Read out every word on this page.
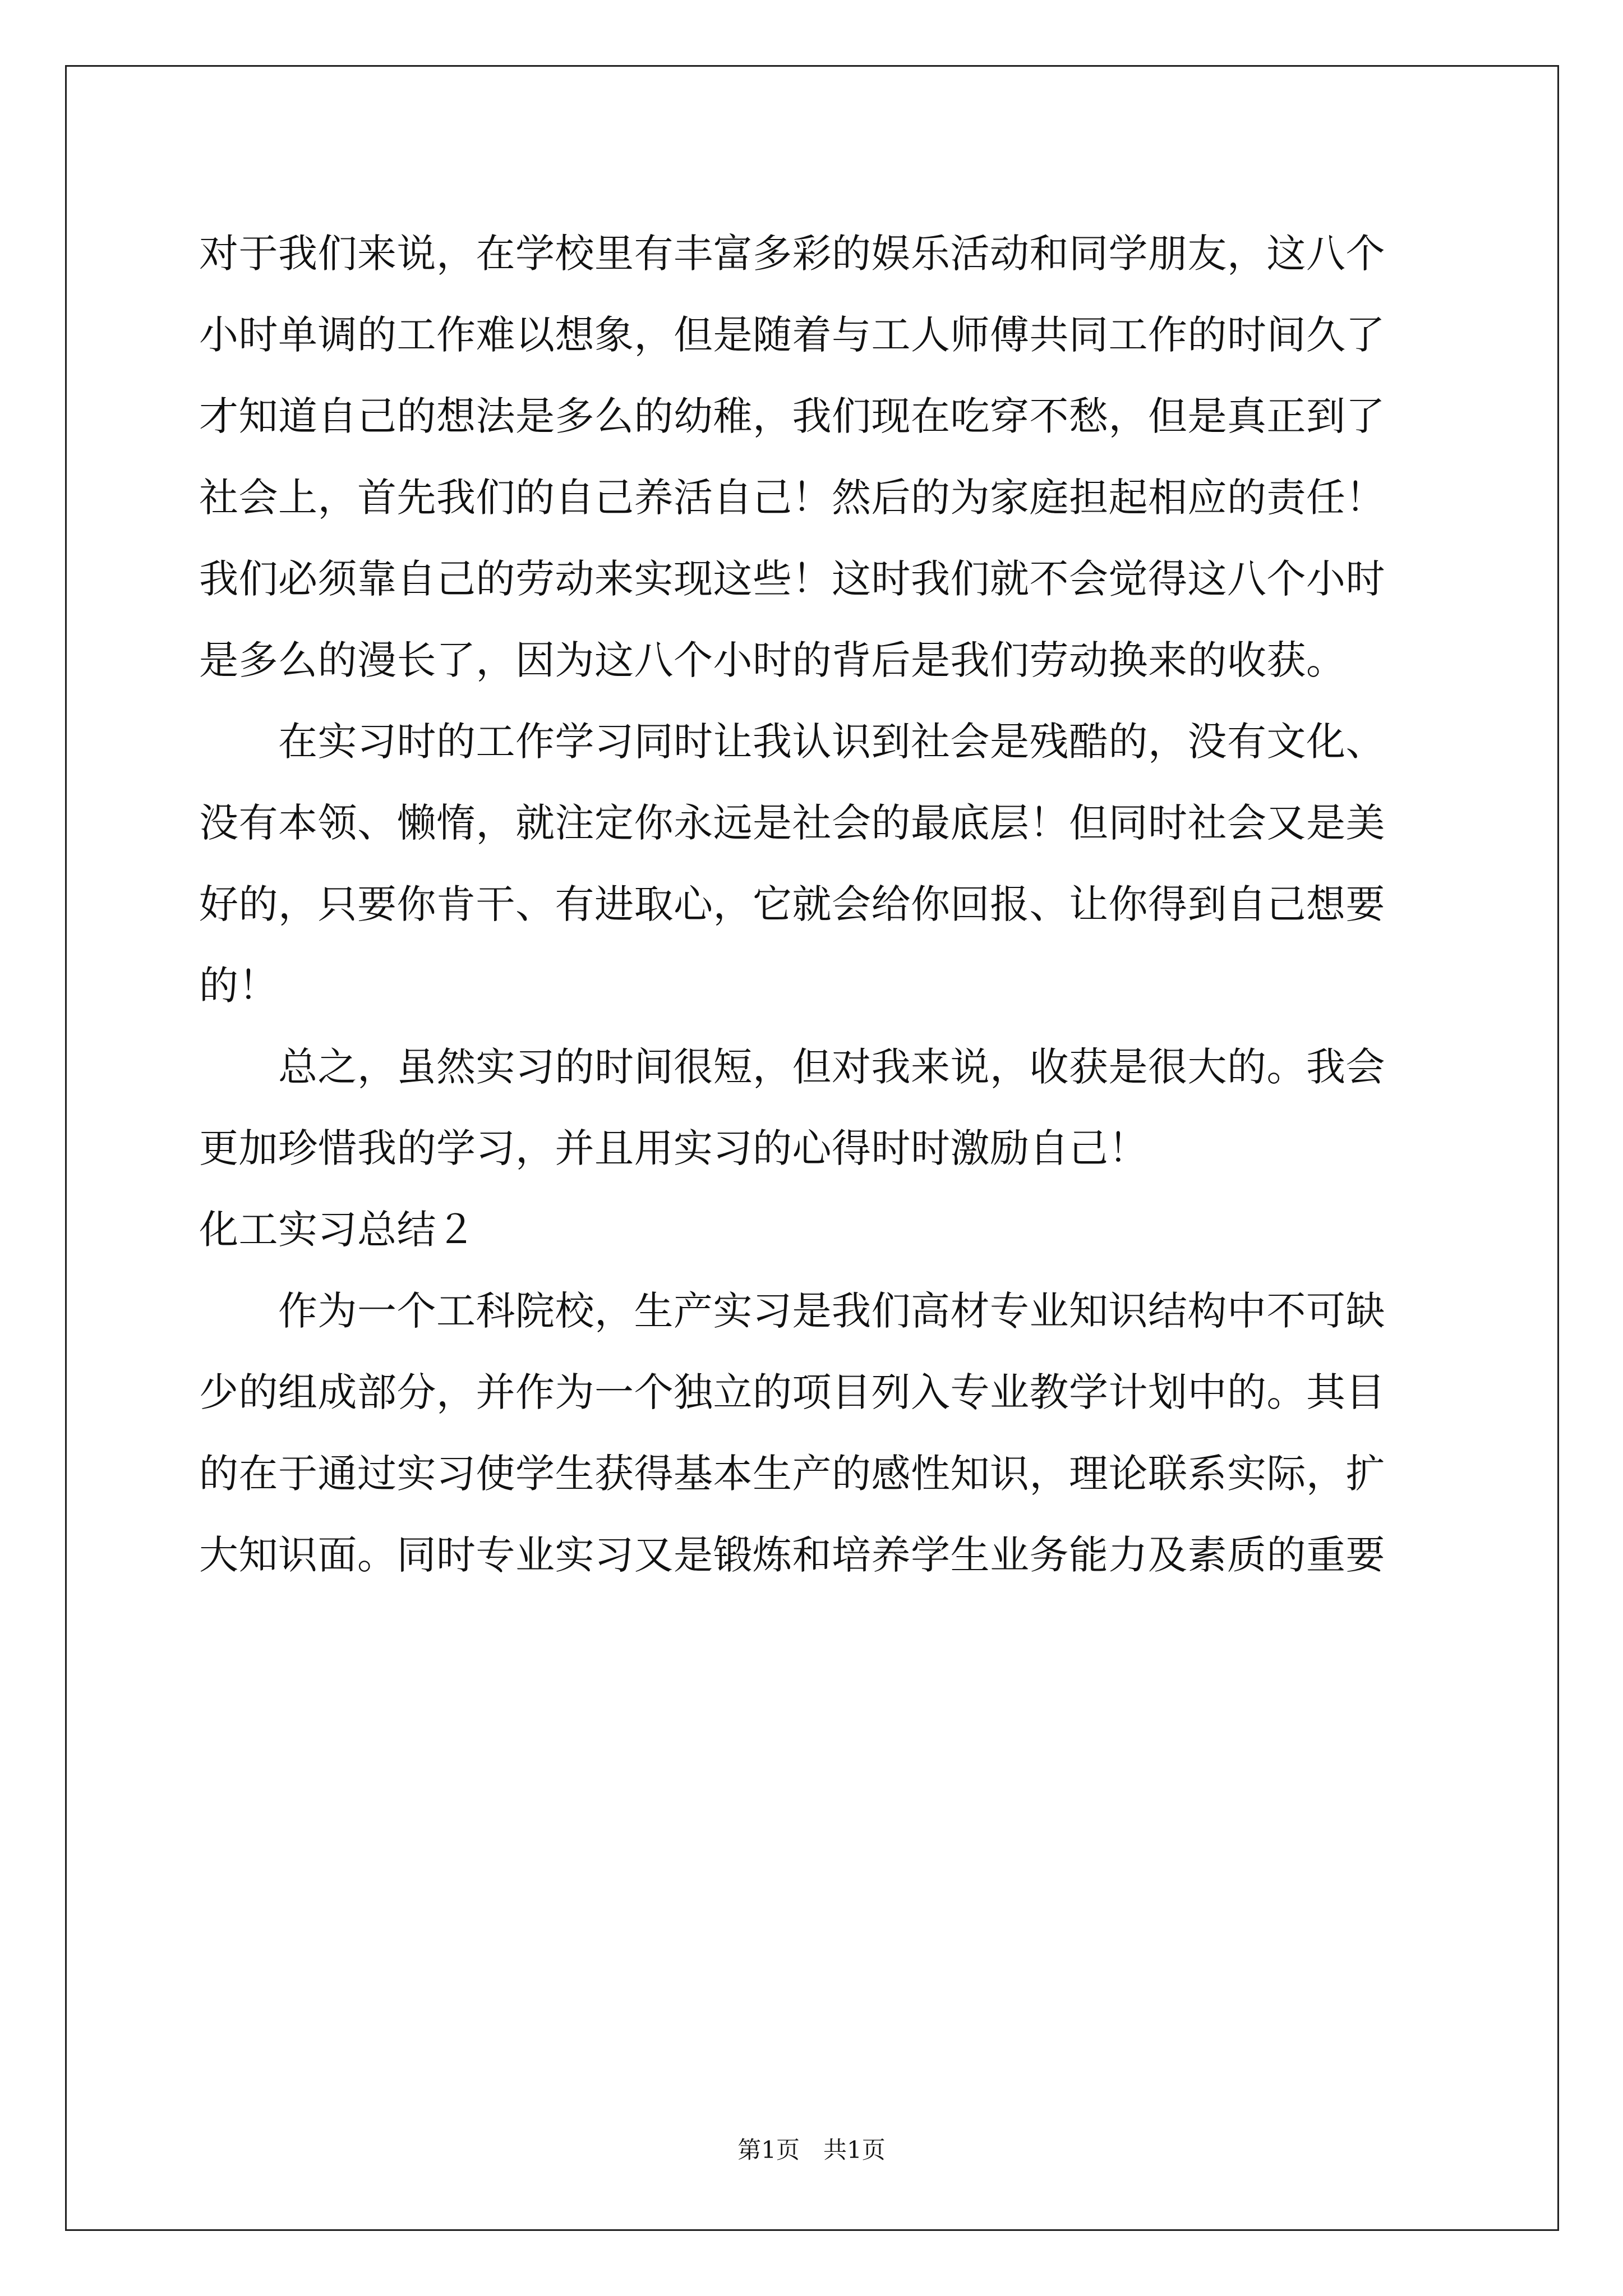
对于我们来说，在学校里有丰富多彩的娱乐活动和同学朋友，这八个
小时单调的工作难以想象，但是随着与工人师傅共同工作的时间久了
才知道自己的想法是多么的幼稚，我们现在吃穿不愁，但是真正到了
社会上，首先我们的自己养活自己！然后的为家庭担起相应的责任！
我们必须靠自己的劳动来实现这些！这时我们就不会觉得这八个小时
是多么的漫长了，因为这八个小时的背后是我们劳动换来的收获。
　　在实习时的工作学习同时让我认识到社会是残酷的，没有文化、
没有本领、懒惰，就注定你永远是社会的最底层！但同时社会又是美
好的，只要你肯干、有进取心，它就会给你回报、让你得到自己想要
的！
　　总之，虽然实习的时间很短，但对我来说，收获是很大的。我会
更加珍惜我的学习，并且用实习的心得时时激励自己！
化工实习总结２
　　作为一个工科院校，生产实习是我们高材专业知识结构中不可缺
少的组成部分，并作为一个独立的项目列入专业教学计划中的。其目
的在于通过实习使学生获得基本生产的感性知识，理论联系实际，扩
大知识面。同时专业实习又是锻炼和培养学生业务能力及素质的重要
第1页　共1页
